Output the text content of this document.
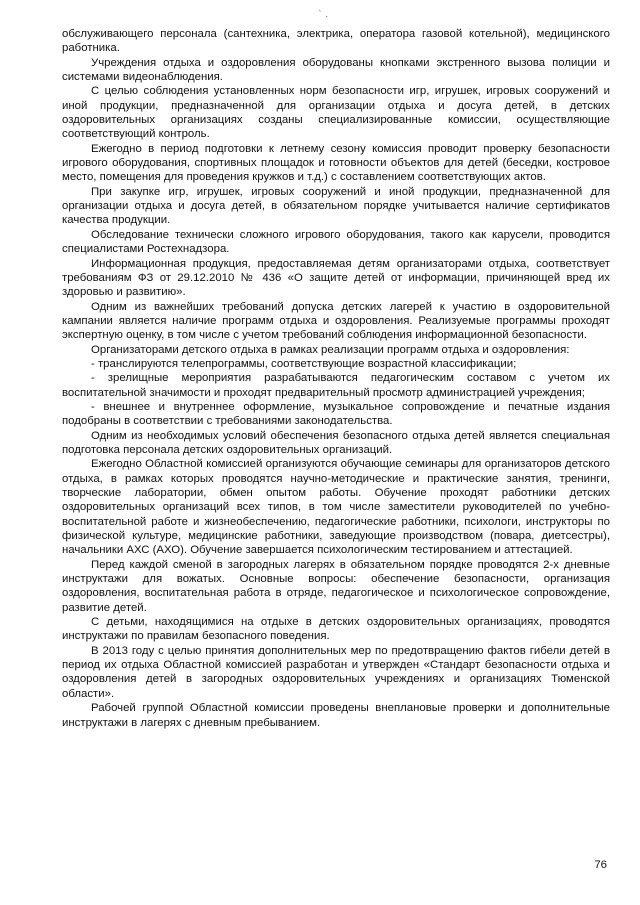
` .

обслуживающего персонала (сантехника, электрика, оператора газовой котельной), медицинского работника.

Учреждения отдыха и оздоровления оборудованы кнопками экстренного вызова полиции и системами видеонаблюдения.

С целью соблюдения установленных норм безопасности игр, игрушек, игровых сооружений и иной продукции, предназначенной для организации отдыха и досуга детей, в детских оздоровительных организациях созданы специализированные комиссии, осуществляющие соответствующий контроль.

Ежегодно в период подготовки к летнему сезону комиссия проводит проверку безопасности игрового оборудования, спортивных площадок и готовности объектов для детей (беседки, костровое место, помещения для проведения кружков и т.д.) с составлением соответствующих актов.

При закупке игр, игрушек, игровых сооружений и иной продукции, предназначенной для организации отдыха и досуга детей, в обязательном порядке учитывается наличие сертификатов качества продукции.

Обследование технически сложного игрового оборудования, такого как карусели, проводится специалистами Ростехнадзора.

Информационная продукция, предоставляемая детям организаторами отдыха, соответствует требованиям ФЗ от 29.12.2010 № 436 «О защите детей от информации, причиняющей вред их здоровью и развитию».

Одним из важнейших требований допуска детских лагерей к участию в оздоровительной кампании является наличие программ отдыха и оздоровления. Реализуемые программы проходят экспертную оценку, в том числе с учетом требований соблюдения информационной безопасности.

Организаторами детского отдыха в рамках реализации программ отдыха и оздоровления:

- транслируются телепрограммы, соответствующие возрастной классификации;

- зрелищные мероприятия разрабатываются педагогическим составом с учетом их воспитательной значимости и проходят предварительный просмотр администрацией учреждения;

- внешнее и внутреннее оформление, музыкальное сопровождение и печатные издания подобраны в соответствии с требованиями законодательства.

Одним из необходимых условий обеспечения безопасного отдыха детей является специальная подготовка персонала детских оздоровительных организаций.

Ежегодно Областной комиссией организуются обучающие семинары для организаторов детского отдыха, в рамках которых проводятся научно-методические и практические занятия, тренинги, творческие лаборатории, обмен опытом работы. Обучение проходят работники детских оздоровительных организаций всех типов, в том числе заместители руководителей по учебно-воспитательной работе и жизнеобеспечению, педагогические работники, психологи, инструкторы по физической культуре, медицинские работники, заведующие производством (повара, диетсестры), начальники АХС (АХО). Обучение завершается психологическим тестированием и аттестацией.

Перед каждой сменой в загородных лагерях в обязательном порядке проводятся 2-х дневные инструктажи для вожатых. Основные вопросы: обеспечение безопасности, организация оздоровления, воспитательная работа в отряде, педагогическое и психологическое сопровождение, развитие детей.

С детьми, находящимися на отдыхе в детских оздоровительных организациях, проводятся инструктажи по правилам безопасного поведения.

В 2013 году с целью принятия дополнительных мер по предотвращению фактов гибели детей в период их отдыха Областной комиссией разработан и утвержден «Стандарт безопасности отдыха и оздоровления детей в загородных оздоровительных учреждениях и организациях Тюменской области».

Рабочей группой Областной комиссии проведены внеплановые проверки и дополнительные инструктажи в лагерях с дневным пребыванием.

76
